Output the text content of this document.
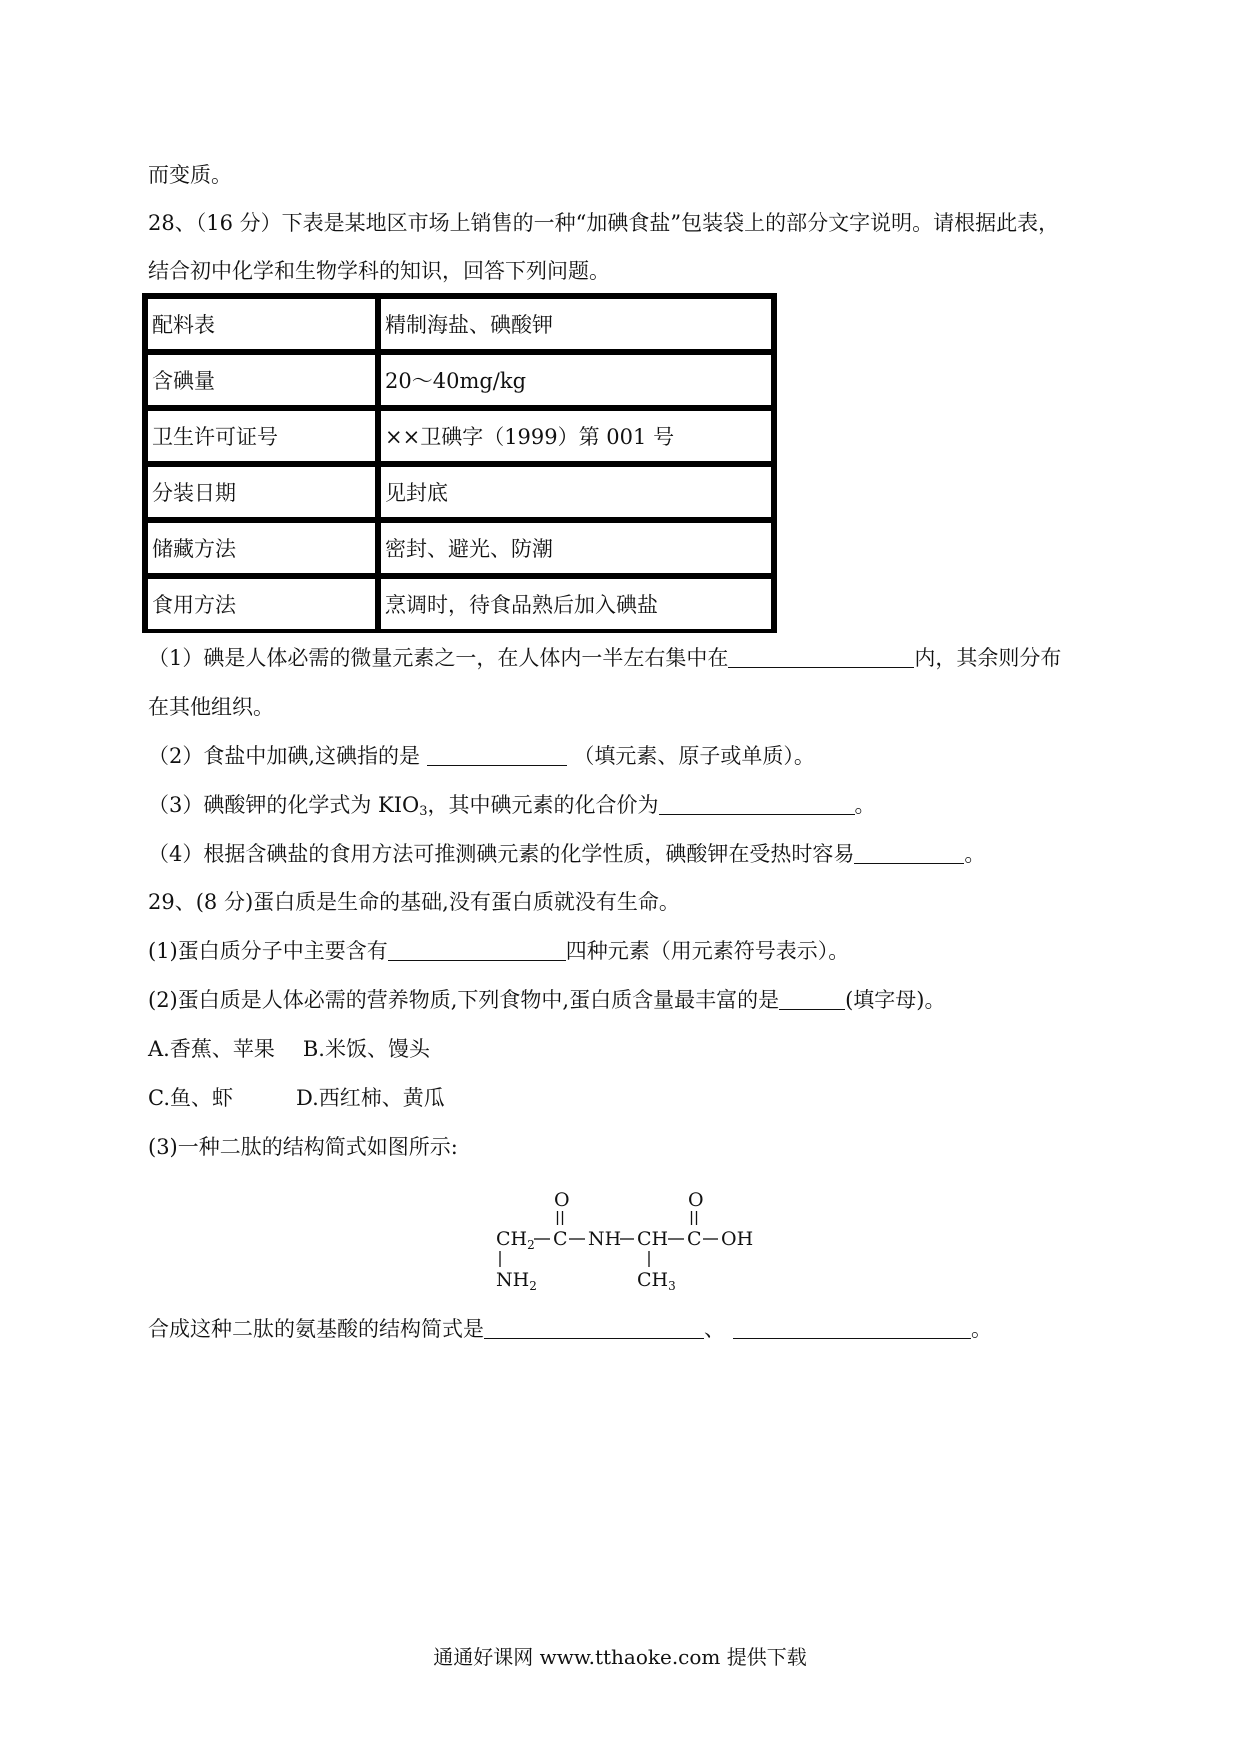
而变质。
28、（16 分）下表是某地区市场上销售的一种“加碘食盐”包装袋上的部分文字说明。请根据此表，
结合初中化学和生物学科的知识，回答下列问题。
配料表	精制海盐、碘酸钾
含碘量	20～40mg/kg
卫生许可证号	××卫碘字（1999）第 001 号
分装日期	见封底
储藏方法	密封、避光、防潮
食用方法	烹调时，待食品熟后加入碘盐
（1）碘是人体必需的微量元素之一，在人体内一半左右集中在	内，其余则分布
在其他组织。
（2）食盐中加碘,这碘指的是	（填元素、原子或单质）。
（3）碘酸钾的化学式为 $KIO_3$，其中碘元素的化合价为	。
（4）根据含碘盐的食用方法可推测碘元素的化学性质，碘酸钾在受热时容易	。
29、(8 分)蛋白质是生命的基础,没有蛋白质就没有生命。
(1)蛋白质分子中主要含有	四种元素（用元素符号表示）。
(2)蛋白质是人体必需的营养物质,下列食物中,蛋白质含量最丰富的是	(填字母)。
A.香蕉、苹果 B.米饭、馒头
C.鱼、虾	D.西红柿、黄瓜
(3)一种二肽的结构简式如图所示:
O	O
$CH_2$ C NH CH C OH
$NH_2$	$CH_3$
合成这种二肽的氨基酸的结构简式是	、	。
通通好课网 www.tthaoke.com 提供下载
